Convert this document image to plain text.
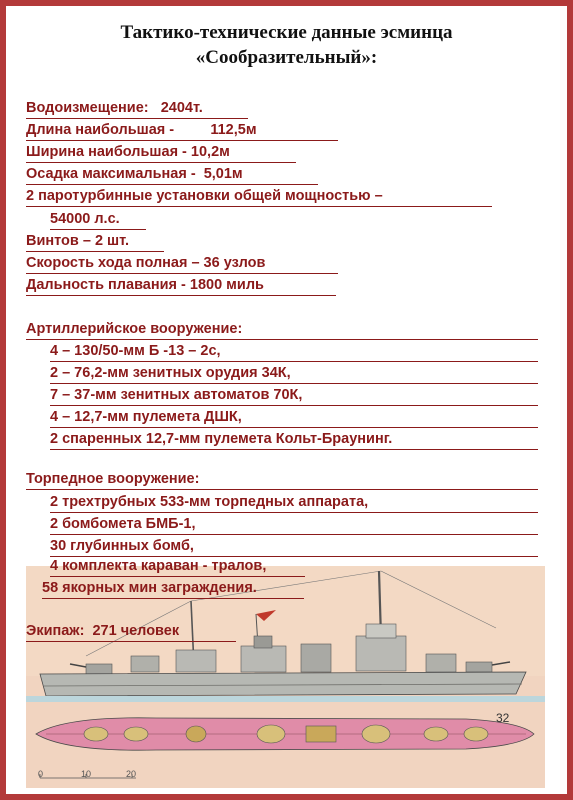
Тактико-технические данные эсминца
«Сообразительный»:
Водоизмещение:   2404т.
Длина наибольшая -         112,5м
Ширина наибольшая - 10,2м
Осадка максимальная -  5,01м
2 паротурбинные установки общей мощностью –
54000 л.с.
Винтов – 2 шт.
Скорость хода полная – 36 узлов
Дальность плавания - 1800 миль
Артиллерийское вооружение:
4 – 130/50-мм Б -13 – 2с,
2 – 76,2-мм зенитных орудия 34К,
7 – 37-мм зенитных автоматов 70К,
4 – 12,7-мм пулемета ДШК,
2 спаренных 12,7-мм пулемета Кольт-Браунинг.
Торпедное вооружение:
2 трехтрубных 533-мм торпедных аппарата,
2 бомбомета БМБ-1,
30 глубинных бомб,
32
0	10	20
4 комплекта караван - тралов,
58 якорных мин заграждения.
Экипаж:  271 человек
